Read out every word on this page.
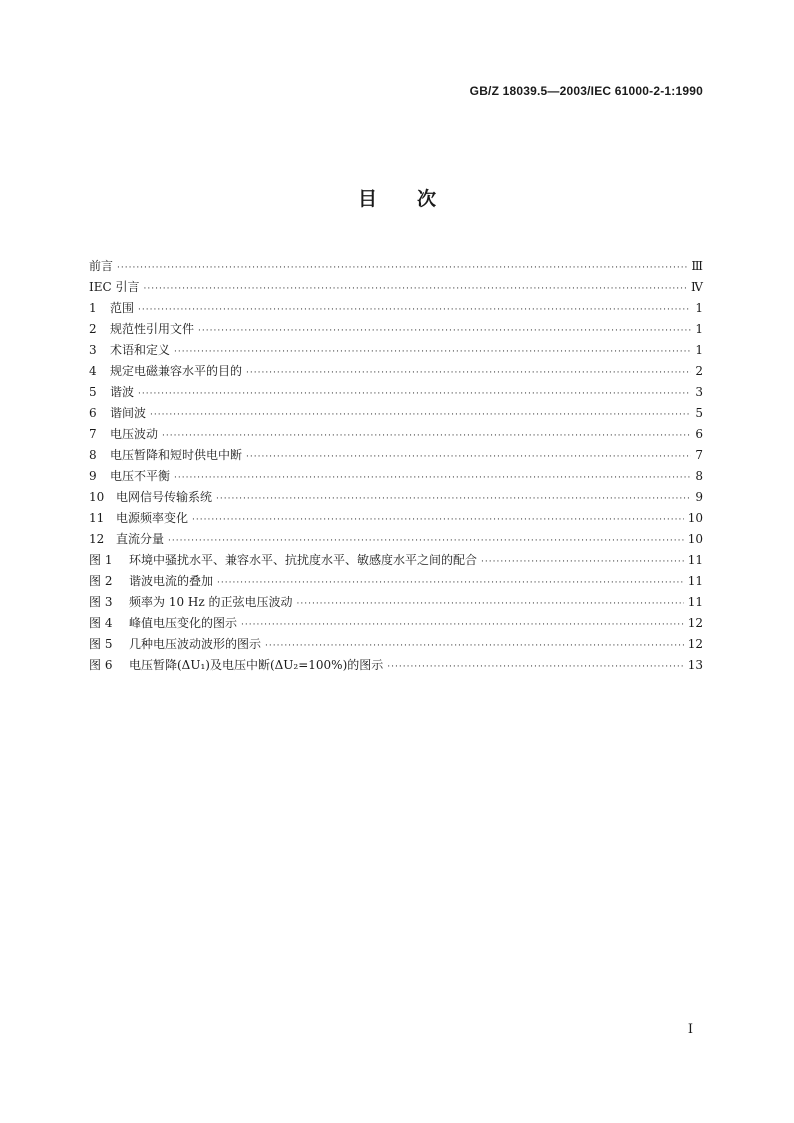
GB/Z 18039.5—2003/IEC 61000-2-1:1990
目 次
前言 ·····	Ⅲ
IEC 引言 ·····	Ⅳ
1	范围 ·····	1
2	规范性引用文件 ·····	1
3	术语和定义 ·····	1
4	规定电磁兼容水平的目的 ·····	2
5	谐波 ·····	3
6	谐间波 ·····	5
7	电压波动 ·····	6
8	电压暂降和短时供电中断 ·····	7
9	电压不平衡 ·····	8
10 电网信号传输系统 ·····	9
11 电源频率变化 ·····	10
12 直流分量 ·····	10
图 1	环境中骚扰水平、兼容水平、抗扰度水平、敏感度水平之间的配合 ·····	11
图 2	谐波电流的叠加 ·····	11
图 3	频率为 10 Hz 的正弦电压波动 ·····	11
图 4	峰值电压变化的图示 ·····	12
图 5	几种电压波动波形的图示 ·····	12
图 6	电压暂降(ΔU₁)及电压中断(ΔU₂=100%)的图示 ·····	13
I
